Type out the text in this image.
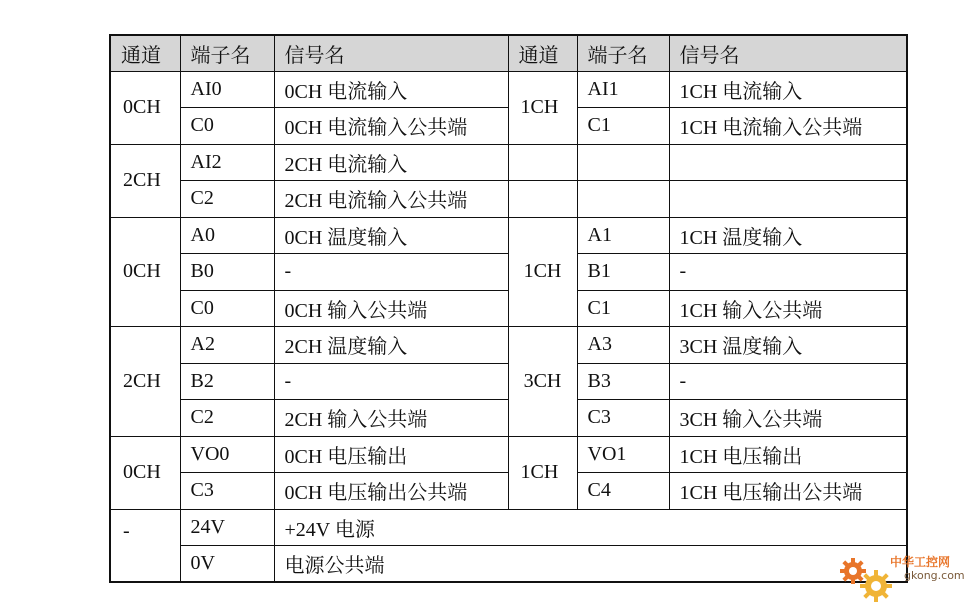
通道	端子名	信号名	通道	端子名	信号名
0CH	AI0	0CH 电流输入	1CH	AI1	1CH 电流输入
	C0	0CH 电流输入公共端		C1	1CH 电流输入公共端
2CH	AI2	2CH 电流输入			
	C2	2CH 电流输入公共端			
0CH	A0	0CH 温度输入	1CH	A1	1CH 温度输入
	B0	-		B1	-
	C0	0CH 输入公共端		C1	1CH 输入公共端
2CH	A2	2CH 温度输入	3CH	A3	3CH 温度输入
	B2	-		B3	-
	C2	2CH 输入公共端		C3	3CH 输入公共端
0CH	VO0	0CH 电压输出	1CH	VO1	1CH 电压输出
	C3	0CH 电压输出公共端		C4	1CH 电压输出公共端
-	24V	+24V 电源			
	0V	电源公共端				中华工控网
gkong.com
